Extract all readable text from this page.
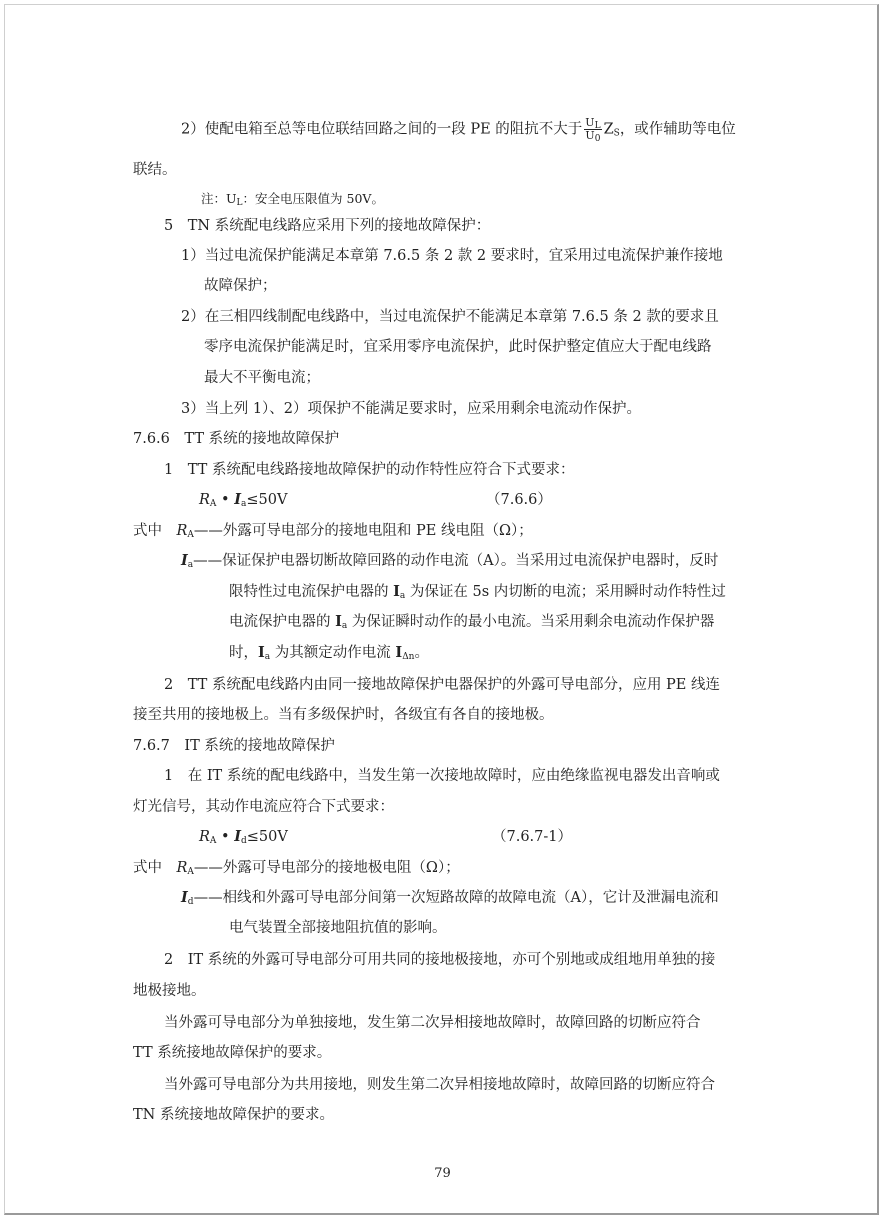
2）使配电箱至总等电位联结回路之间的一段 PE 的阻抗不大于 $\frac{U_L}{U_0} Z_S$，或作辅助等电位
联结。
注：$U_L$：安全电压限值为 50V。
5　TN 系统配电线路应采用下列的接地故障保护：
1）当过电流保护能满足本章第 7.6.5 条 2 款 2 要求时，宜采用过电流保护兼作接地
故障保护；
2）在三相四线制配电线路中，当过电流保护不能满足本章第 7.6.5 条 2 款的要求且
零序电流保护能满足时，宜采用零序电流保护，此时保护整定值应大于配电线路
最大不平衡电流；
3）当上列 1）、2）项保护不能满足要求时，应采用剩余电流动作保护。
7.6.6　TT 系统的接地故障保护
1　TT 系统配电线路接地故障保护的动作特性应符合下式要求：
$R_A$ • $I_a\le 50V$	（7.6.6）
式中　$R_A——$外露可导电部分的接地电阻和 PE 线电阻（Ω）；
$I_a——$保证保护电器切断故障回路的动作电流（A）。当采用过电流保护电器时，反时
限特性过电流保护电器的 $I_a$ 为保证在 5s 内切断的电流；采用瞬时动作特性过
电流保护电器的 $I_a$ 为保证瞬时动作的最小电流。当采用剩余电流动作保护器
时，$I_a$ 为其额定动作电流 $I_{\Delta n}$。
2　TT 系统配电线路内由同一接地故障保护电器保护的外露可导电部分，应用 PE 线连
接至共用的接地极上。当有多级保护时，各级宜有各自的接地极。
7.6.7　IT 系统的接地故障保护
1　在 IT 系统的配电线路中，当发生第一次接地故障时，应由绝缘监视电器发出音响或
灯光信号，其动作电流应符合下式要求：
$R_A$ • $I_d\le 50V$	（7.6.7-1）
式中　$R_A——$外露可导电部分的接地极电阻（Ω）；
$I_d——$相线和外露可导电部分间第一次短路故障的故障电流（A），它计及泄漏电流和
电气装置全部接地阻抗值的影响。
2　IT 系统的外露可导电部分可用共同的接地极接地，亦可个别地或成组地用单独的接
地极接地。
当外露可导电部分为单独接地，发生第二次异相接地故障时，故障回路的切断应符合
TT 系统接地故障保护的要求。
当外露可导电部分为共用接地，则发生第二次异相接地故障时，故障回路的切断应符合
TN 系统接地故障保护的要求。
79
